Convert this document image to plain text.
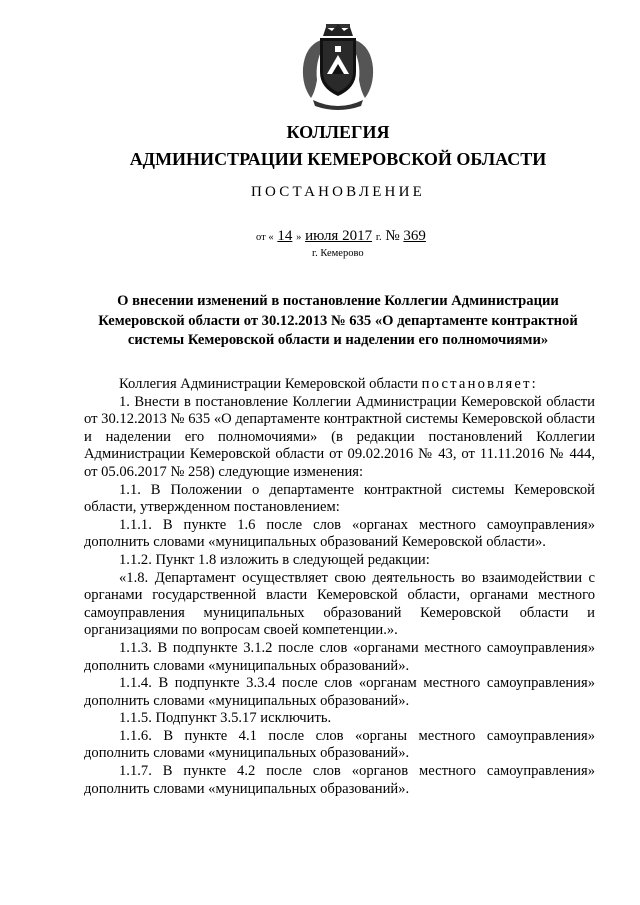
КОЛЛЕГИЯ
АДМИНИСТРАЦИИ КЕМЕРОВСКОЙ ОБЛАСТИ
ПОСТАНОВЛЕНИЕ
от « 14 » июля 2017 г. № 369
г. Кемерово
О внесении изменений в постановление Коллегии Администрации Кемеровской области от 30.12.2013 № 635 «О департаменте контрактной системы Кемеровской области и наделении его полномочиями»

Коллегия Администрации Кемеровской области постановляет:

1. Внести в постановление Коллегии Администрации Кемеровской области от 30.12.2013 № 635 «О департаменте контрактной системы Кемеровской области и наделении его полномочиями» (в редакции постановлений Коллегии Администрации Кемеровской области от 09.02.2016 № 43, от 11.11.2016 № 444, от 05.06.2017 № 258) следующие изменения:

1.1. В Положении о департаменте контрактной системы Кемеровской области, утвержденном постановлением:

1.1.1. В пункте 1.6 после слов «органах местного самоуправления» дополнить словами «муниципальных образований Кемеровской области».

1.1.2. Пункт 1.8 изложить в следующей редакции:

«1.8. Департамент осуществляет свою деятельность во взаимодействии с органами государственной власти Кемеровской области, органами местного самоуправления муниципальных образований Кемеровской области и организациями по вопросам своей компетенции.».

1.1.3. В подпункте 3.1.2 после слов «органами местного самоуправления» дополнить словами «муниципальных образований».

1.1.4. В подпункте 3.3.4 после слов «органам местного самоуправления» дополнить словами «муниципальных образований».

1.1.5. Подпункт 3.5.17 исключить.

1.1.6. В пункте 4.1 после слов «органы местного самоуправления» дополнить словами «муниципальных образований».

1.1.7. В пункте 4.2 после слов «органов местного самоуправления» дополнить словами «муниципальных образований».
